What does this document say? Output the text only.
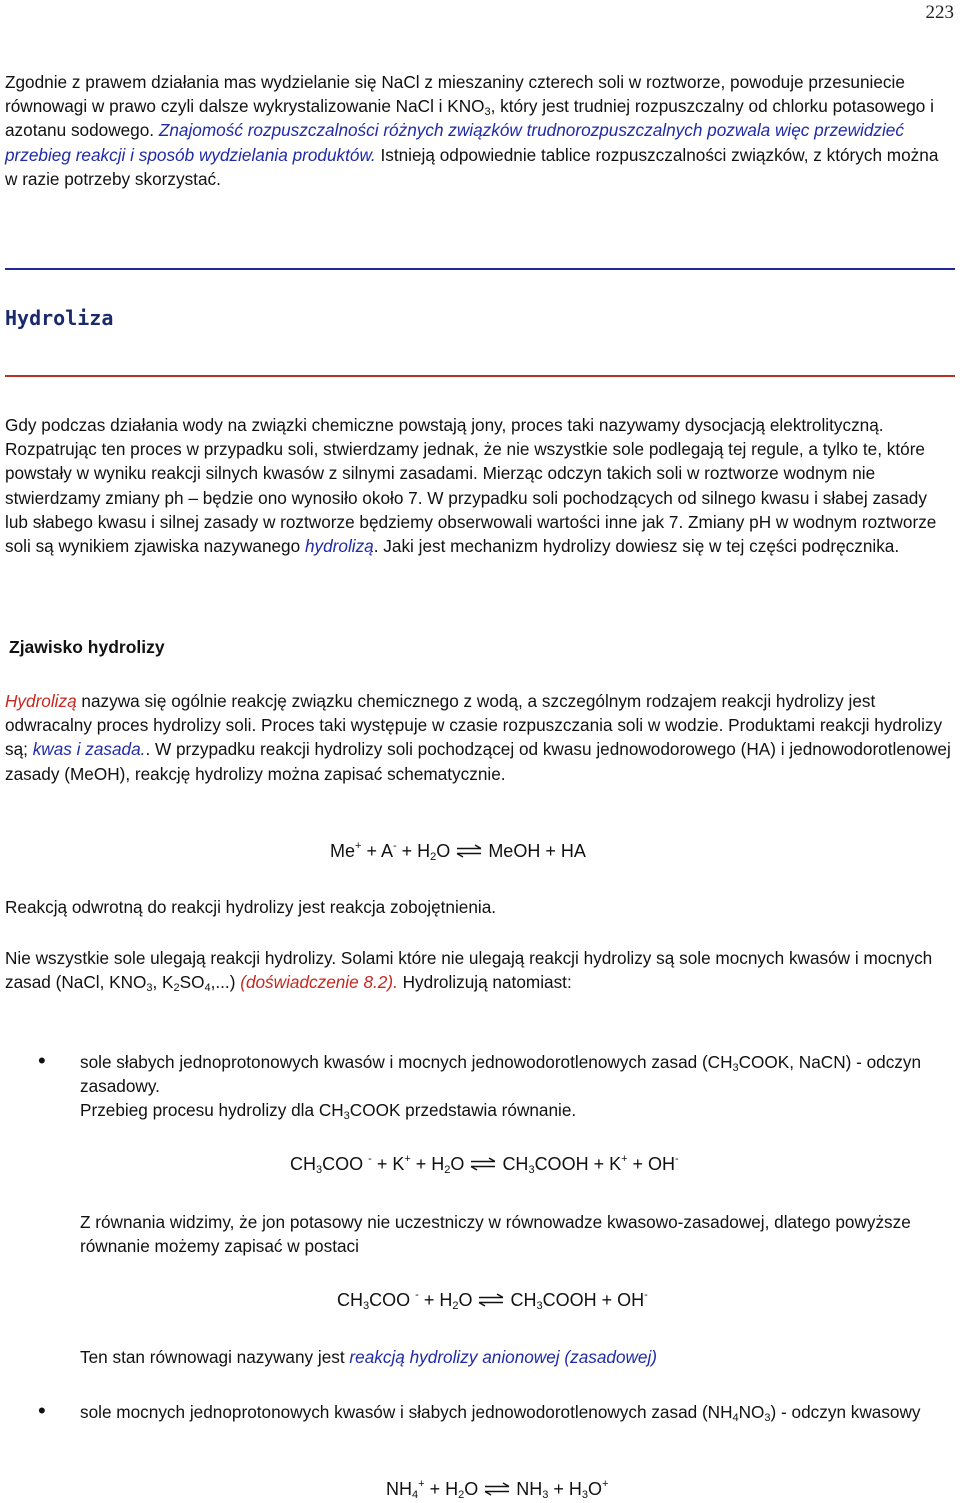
223
Zgodnie z prawem działania mas wydzielanie się NaCl z mieszaniny czterech soli w roztworze, powoduje przesuniecie równowagi w prawo czyli dalsze wykrystalizowanie NaCl i $KNO_3$, który jest trudniej rozpuszczalny od chlorku potasowego i azotanu sodowego. Znajomość rozpuszczalności różnych związków trudnorozpuszczalnych pozwala więc przewidzieć przebieg reakcji i sposób wydzielania produktów. Istnieją odpowiednie tablice rozpuszczalności związków, z których można w razie potrzeby skorzystać.
Hydroliza
Gdy podczas działania wody na związki chemiczne powstają jony, proces taki nazywamy dysocjacją elektrolityczną. Rozpatrując ten proces w przypadku soli, stwierdzamy jednak, że nie wszystkie sole podlegają tej regule, a tylko te, które powstały w wyniku reakcji silnych kwasów z silnymi zasadami. Mierząc odczyn takich soli w roztworze wodnym nie stwierdzamy zmiany ph – będzie ono wynosiło około 7. W przypadku soli pochodzących od silnego kwasu i słabej zasady lub słabego kwasu i silnej zasady w roztworze będziemy obserwowali wartości inne jak 7. Zmiany pH w wodnym roztworze soli są wynikiem zjawiska nazywanego hydrolizą. Jaki jest mechanizm hydrolizy dowiesz się w tej części podręcznika.
Zjawisko hydrolizy
Hydrolizą nazywa się ogólnie reakcję związku chemicznego z wodą, a szczególnym rodzajem reakcji hydrolizy jest odwracalny proces hydrolizy soli. Proces taki występuje w czasie rozpuszczania soli w wodzie. Produktami reakcji hydrolizy są; kwas i zasada.. W przypadku reakcji hydrolizy soli pochodzącej od kwasu jednowodorowego (HA) i jednowodorotlenowej zasady (MeOH), reakcję hydrolizy można zapisać schematycznie.
$Me^+ + A^- + H_2O$ MeOH + HA
Reakcją odwrotną do reakcji hydrolizy jest reakcja zobojętnienia.
Nie wszystkie sole ulegają reakcji hydrolizy. Solami które nie ulegają reakcji hydrolizy są sole mocnych kwasów i mocnych zasad (NaCl, $KNO_3$, $K_2SO_4$,...) (doświadczenie 8.2). Hydrolizują natomiast:
• sole słabych jednoprotonowych kwasów i mocnych jednowodorotlenowych zasad ($CH_3COOK$, NaCN) - odczyn zasadowy.
Przebieg procesu hydrolizy dla $CH_3COOK$ przedstawia równanie.
$CH_3COO$ $^- + K^+ + H_2O$ $CH_3COOH + K^+ + OH^-$
Z równania widzimy, że jon potasowy nie uczestniczy w równowadze kwasowo-zasadowej, dlatego powyższe równanie możemy zapisać w postaci
$CH_3COO$ $^- + H_2O$ $CH_3COOH + OH^-$
Ten stan równowagi nazywany jest reakcją hydrolizy anionowej (zasadowej)
• sole mocnych jednoprotonowych kwasów i słabych jednowodorotlenowych zasad $(NH_4NO_3)$ - odczyn kwasowy
$NH_4^+ + H_2O$ $NH_3 + H_3O^+$
